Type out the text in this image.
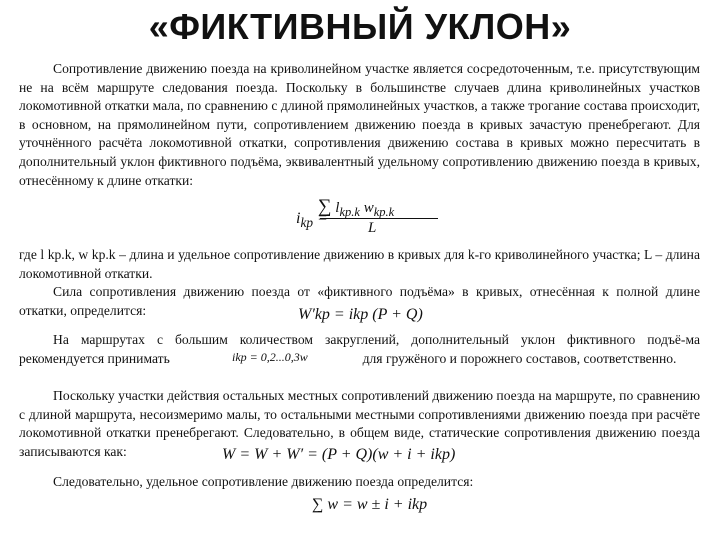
«ФИКТИВНЫЙ УКЛОН»
Сопротивление движению поезда на криволинейном участке является сосредоточенным, т.е. присутствующим не на всём маршруте следования поезда. Поскольку в большинстве случаев длина криволинейных участков локомотивной откатки мала, по сравнению с длиной прямолинейных участков, а также трогание состава происходит, в основном, на прямолинейном пути, сопротивлением движению поезда в кривых зачастую пренебрегают. Для уточнённого расчёта локомотивной откатки, сопротивления движению состава в кривых можно пересчитать в дополнительный уклон фиктивного подъёма, эквивалентный удельному сопротивлению движению поезда в кривых, отнесённому к длине откатки:
$i_{kp}$ =
∑ $l_{kp.k}$ $w_{kp.k}$
L
где l kp.k, w kp.k – длина и удельное сопротивление движению в кривых для k-го криволинейного участка; L – длина локомотивной откатки.
Сила сопротивления движению поезда от «фиктивного подъёма» в кривых, отнесённая к полной длине откатки, определится:	W′kp = ikp (P + Q)
На маршрутах с большим количеством закруглений, дополнительный уклон фиктивного подъё-ма рекомендуется принимать	для гружёного и порожнего составов, соответственно.
ikp = 0,2...0,3w
Поскольку участки действия остальных местных сопротивлений движению поезда на маршруте, по сравнению с длиной маршрута, несоизмеримо малы, то остальными местными сопротивлениями движению поезда при расчёте локомотивной откатки пренебрегают. Следовательно, в общем виде, статические сопротивления движению поезда записываются как:	W = W + W′ = (P + Q)(w + i + ikp)
Следовательно, удельное сопротивление движению поезда определится:
∑ w = w ± i + ikp
